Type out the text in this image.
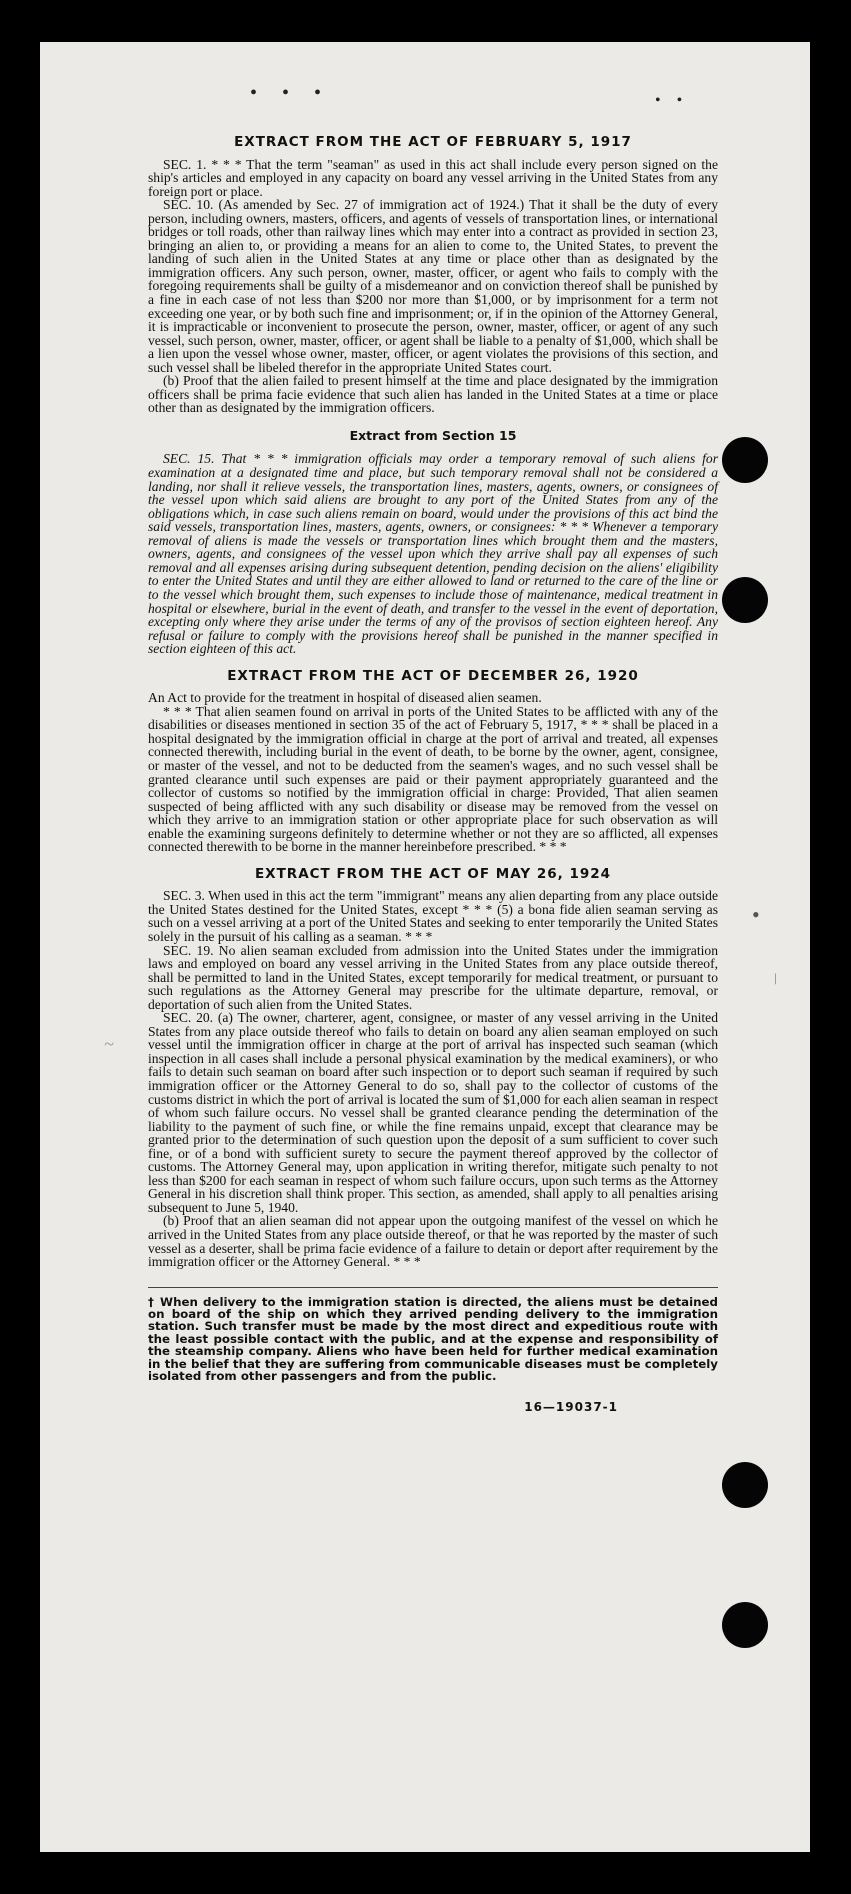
• • •	• •
EXTRACT FROM THE ACT OF FEBRUARY 5, 1917

SEC. 1. * * * That the term "seaman" as used in this act shall include every person signed on the ship's articles and employed in any capacity on board any vessel arriving in the United States from any foreign port or place.

SEC. 10. (As amended by Sec. 27 of immigration act of 1924.) That it shall be the duty of every person, including owners, masters, officers, and agents of vessels of transportation lines, or international bridges or toll roads, other than railway lines which may enter into a contract as provided in section 23, bringing an alien to, or providing a means for an alien to come to, the United States, to prevent the landing of such alien in the United States at any time or place other than as designated by the immigration officers. Any such person, owner, master, officer, or agent who fails to comply with the foregoing requirements shall be guilty of a misdemeanor and on conviction thereof shall be punished by a fine in each case of not less than $200 nor more than $1,000, or by imprisonment for a term not exceeding one year, or by both such fine and imprisonment; or, if in the opinion of the Attorney General, it is impracticable or inconvenient to prosecute the person, owner, master, officer, or agent of any such vessel, such person, owner, master, officer, or agent shall be liable to a penalty of $1,000, which shall be a lien upon the vessel whose owner, master, officer, or agent violates the provisions of this section, and such vessel shall be libeled therefor in the appropriate United States court.

(b) Proof that the alien failed to present himself at the time and place designated by the immigration officers shall be prima facie evidence that such alien has landed in the United States at a time or place other than as designated by the immigration officers.

Extract from Section 15

SEC. 15. That * * * immigration officials may order a temporary removal of such aliens for examination at a designated time and place, but such temporary removal shall not be considered a landing, nor shall it relieve vessels, the transportation lines, masters, agents, owners, or consignees of the vessel upon which said aliens are brought to any port of the United States from any of the obligations which, in case such aliens remain on board, would under the provisions of this act bind the said vessels, transportation lines, masters, agents, owners, or consignees: * * * Whenever a temporary removal of aliens is made the vessels or transportation lines which brought them and the masters, owners, agents, and consignees of the vessel upon which they arrive shall pay all expenses of such removal and all expenses arising during subsequent detention, pending decision on the aliens' eligibility to enter the United States and until they are either allowed to land or returned to the care of the line or to the vessel which brought them, such expenses to include those of maintenance, medical treatment in hospital or elsewhere, burial in the event of death, and transfer to the vessel in the event of deportation, excepting only where they arise under the terms of any of the provisos of section eighteen hereof. Any refusal or failure to comply with the provisions hereof shall be punished in the manner specified in section eighteen of this act.

EXTRACT FROM THE ACT OF DECEMBER 26, 1920

An Act to provide for the treatment in hospital of diseased alien seamen.

* * * That alien seamen found on arrival in ports of the United States to be afflicted with any of the disabilities or diseases mentioned in section 35 of the act of February 5, 1917, * * * shall be placed in a hospital designated by the immigration official in charge at the port of arrival and treated, all expenses connected therewith, including burial in the event of death, to be borne by the owner, agent, consignee, or master of the vessel, and not to be deducted from the seamen's wages, and no such vessel shall be granted clearance until such expenses are paid or their payment appropriately guaranteed and the collector of customs so notified by the immigration official in charge: Provided, That alien seamen suspected of being afflicted with any such disability or disease may be removed from the vessel on which they arrive to an immigration station or other appropriate place for such observation as will enable the examining surgeons definitely to determine whether or not they are so afflicted, all expenses connected therewith to be borne in the manner hereinbefore prescribed. * * *

EXTRACT FROM THE ACT OF MAY 26, 1924

SEC. 3. When used in this act the term "immigrant" means any alien departing from any place outside the United States destined for the United States, except * * * (5) a bona fide alien seaman serving as such on a vessel arriving at a port of the United States and seeking to enter temporarily the United States solely in the pursuit of his calling as a seaman. * * *

SEC. 19. No alien seaman excluded from admission into the United States under the immigration laws and employed on board any vessel arriving in the United States from any place outside thereof, shall be permitted to land in the United States, except temporarily for medical treatment, or pursuant to such regulations as the Attorney General may prescribe for the ultimate departure, removal, or deportation of such alien from the United States.

SEC. 20. (a) The owner, charterer, agent, consignee, or master of any vessel arriving in the United States from any place outside thereof who fails to detain on board any alien seaman employed on such vessel until the immigration officer in charge at the port of arrival has inspected such seaman (which inspection in all cases shall include a personal physical examination by the medical examiners), or who fails to detain such seaman on board after such inspection or to deport such seaman if required by such immigration officer or the Attorney General to do so, shall pay to the collector of customs of the customs district in which the port of arrival is located the sum of $1,000 for each alien seaman in respect of whom such failure occurs. No vessel shall be granted clearance pending the determination of the liability to the payment of such fine, or while the fine remains unpaid, except that clearance may be granted prior to the determination of such question upon the deposit of a sum sufficient to cover such fine, or of a bond with sufficient surety to secure the payment thereof approved by the collector of customs. The Attorney General may, upon application in writing therefor, mitigate such penalty to not less than $200 for each seaman in respect of whom such failure occurs, upon such terms as the Attorney General in his discretion shall think proper. This section, as amended, shall apply to all penalties arising subsequent to June 5, 1940.

(b) Proof that an alien seaman did not appear upon the outgoing manifest of the vessel on which he arrived in the United States from any place outside thereof, or that he was reported by the master of such vessel as a deserter, shall be prima facie evidence of a failure to detain or deport after requirement by the immigration officer or the Attorney General. * * *

† When delivery to the immigration station is directed, the aliens must be detained on board of the ship on which they arrived pending delivery to the immigration station. Such transfer must be made by the most direct and expeditious route with the least possible contact with the public, and at the expense and responsibility of the steamship company. Aliens who have been held for further medical examination in the belief that they are suffering from communicable diseases must be completely isolated from other passengers and from the public.
16—19037-1
•
ᛁ
~
